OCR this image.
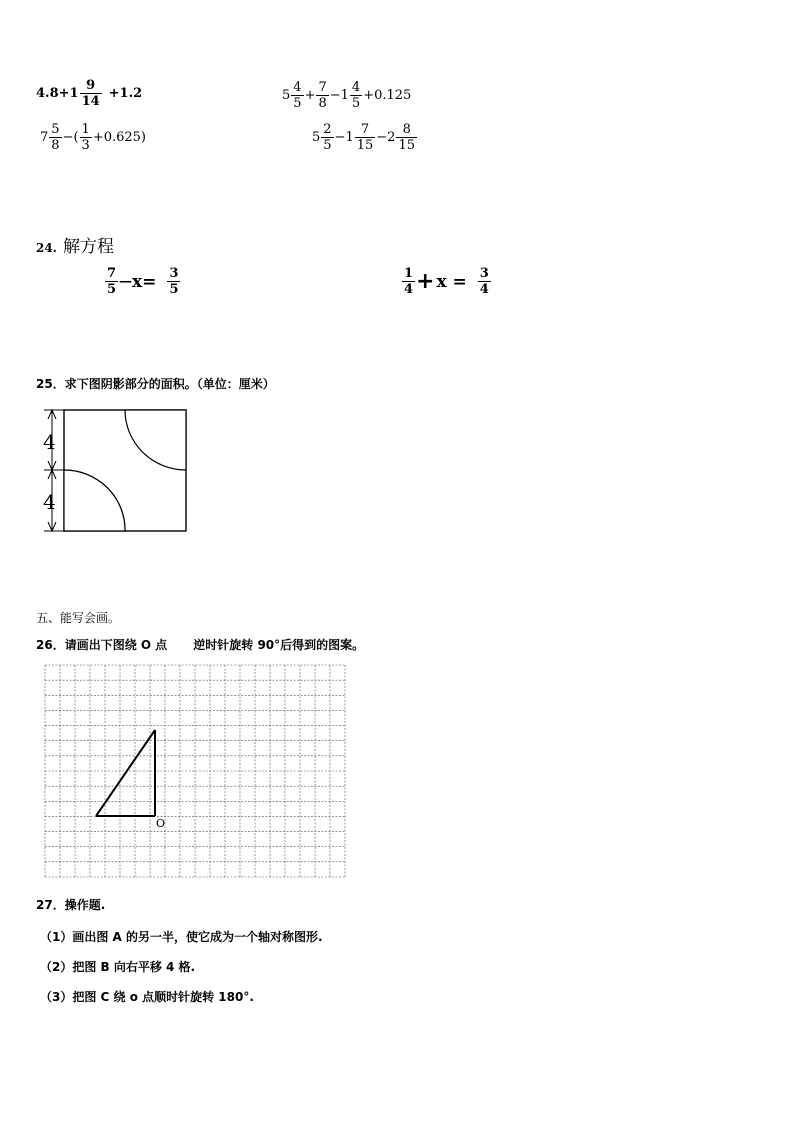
$4.8+1 \frac{9}{14} +1.2$	$5 \frac{4}{5} + \frac{7}{8} -1 \frac{4}{5} +0.125$
$7 \frac{5}{8}$ −( $\frac{1}{3} +0.625$)	$5 \frac{2}{5} -1 \frac{7}{15} -2 \frac{8}{15}$
24. 解方程
$\frac{7}{5}$ — $x= \frac{3}{5}$	$\frac{1}{4} + x = \frac{3}{4}$
25．求下图阴影部分的面积。（单位：厘米）
4
4
五、能写会画。
26．请画出下图绕 O 点 逆时针旋转 90°后得到的图案。
O
27．操作题.
（1）画出图 A 的另一半，使它成为一个轴对称图形.
（2）把图 B 向右平移 4 格.
（3）把图 C 绕 o 点顺时针旋转 180°.
